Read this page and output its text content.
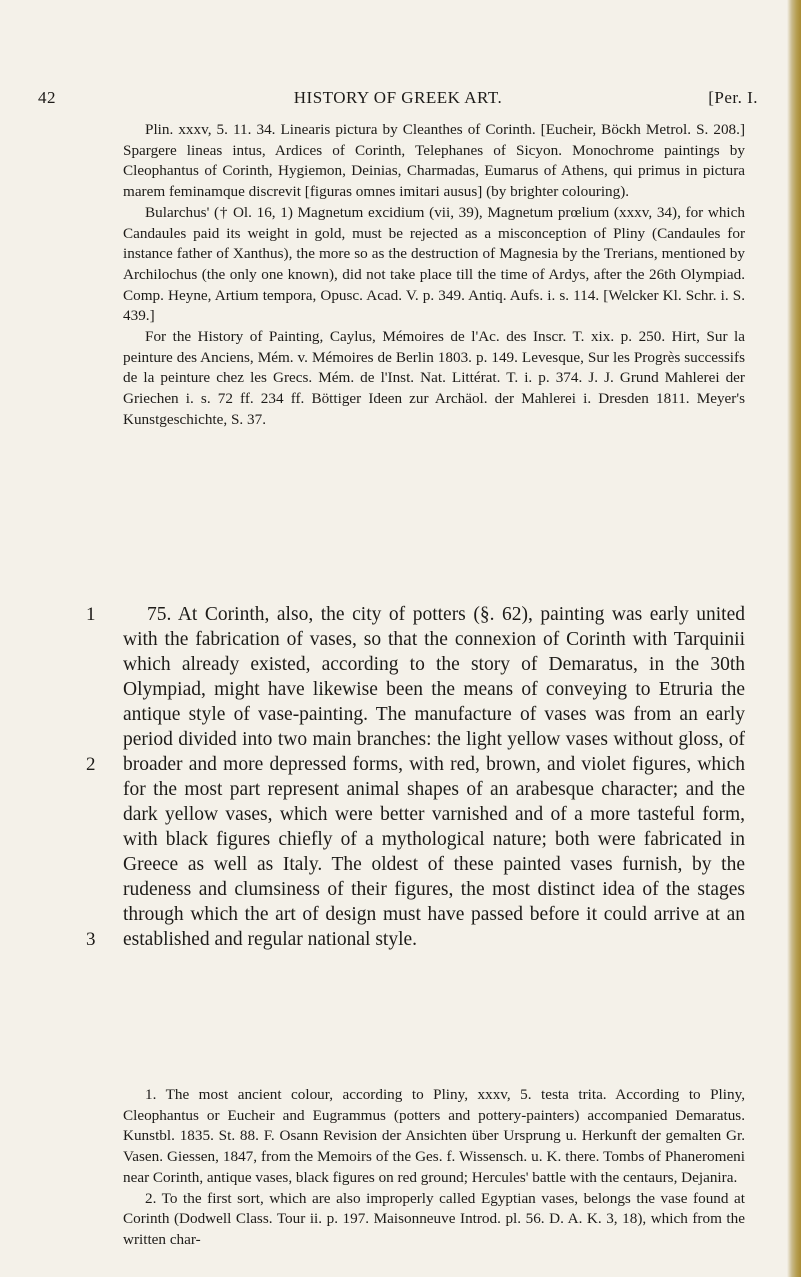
42	HISTORY OF GREEK ART.	[Per. I.

Plin. xxxv, 5. 11. 34. Linearis pictura by Cleanthes of Corinth. [Eucheir, Böckh Metrol. S. 208.] Spargere lineas intus, Ardices of Corinth, Telephanes of Sicyon. Monochrome paintings by Cleophantus of Corinth, Hygiemon, Deinias, Charmadas, Eumarus of Athens, qui primus in pictura marem feminamque discrevit [figuras omnes imitari ausus] (by brighter colouring).

Bularchus' († Ol. 16, 1) Magnetum excidium (vii, 39), Magnetum prœlium (xxxv, 34), for which Candaules paid its weight in gold, must be rejected as a misconception of Pliny (Candaules for instance father of Xanthus), the more so as the destruction of Magnesia by the Trerians, mentioned by Archilochus (the only one known), did not take place till the time of Ardys, after the 26th Olympiad. Comp. Heyne, Artium tempora, Opusc. Acad. V. p. 349. Antiq. Aufs. i. s. 114. [Welcker Kl. Schr. i. S. 439.]

For the History of Painting, Caylus, Mémoires de l'Ac. des Inscr. T. xix. p. 250. Hirt, Sur la peinture des Anciens, Mém. v. Mémoires de Berlin 1803. p. 149. Levesque, Sur les Progrès successifs de la peinture chez les Grecs. Mém. de l'Inst. Nat. Littérat. T. i. p. 374. J. J. Grund Mahlerei der Griechen i. s. 72 ff. 234 ff. Böttiger Ideen zur Archäol. der Mahlerei i. Dresden 1811. Meyer's Kunstgeschichte, S. 37.

1
2
3

75. At Corinth, also, the city of potters (§. 62), painting was early united with the fabrication of vases, so that the connexion of Corinth with Tarquinii which already existed, according to the story of Demaratus, in the 30th Olympiad, might have likewise been the means of conveying to Etruria the antique style of vase-painting. The manufacture of vases was from an early period divided into two main branches: the light yellow vases without gloss, of broader and more depressed forms, with red, brown, and violet figures, which for the most part represent animal shapes of an arabesque character; and the dark yellow vases, which were better varnished and of a more tasteful form, with black figures chiefly of a mythological nature; both were fabricated in Greece as well as Italy. The oldest of these painted vases furnish, by the rudeness and clumsiness of their figures, the most distinct idea of the stages through which the art of design must have passed before it could arrive at an established and regular national style.

1. The most ancient colour, according to Pliny, xxxv, 5. testa trita. According to Pliny, Cleophantus or Eucheir and Eugrammus (potters and pottery-painters) accompanied Demaratus. Kunstbl. 1835. St. 88. F. Osann Revision der Ansichten über Ursprung u. Herkunft der gemalten Gr. Vasen. Giessen, 1847, from the Memoirs of the Ges. f. Wissensch. u. K. there. Tombs of Phaneromeni near Corinth, antique vases, black figures on red ground; Hercules' battle with the centaurs, Dejanira.

2. To the first sort, which are also improperly called Egyptian vases, belongs the vase found at Corinth (Dodwell Class. Tour ii. p. 197. Maisonneuve Introd. pl. 56. D. A. K. 3, 18), which from the written char-
